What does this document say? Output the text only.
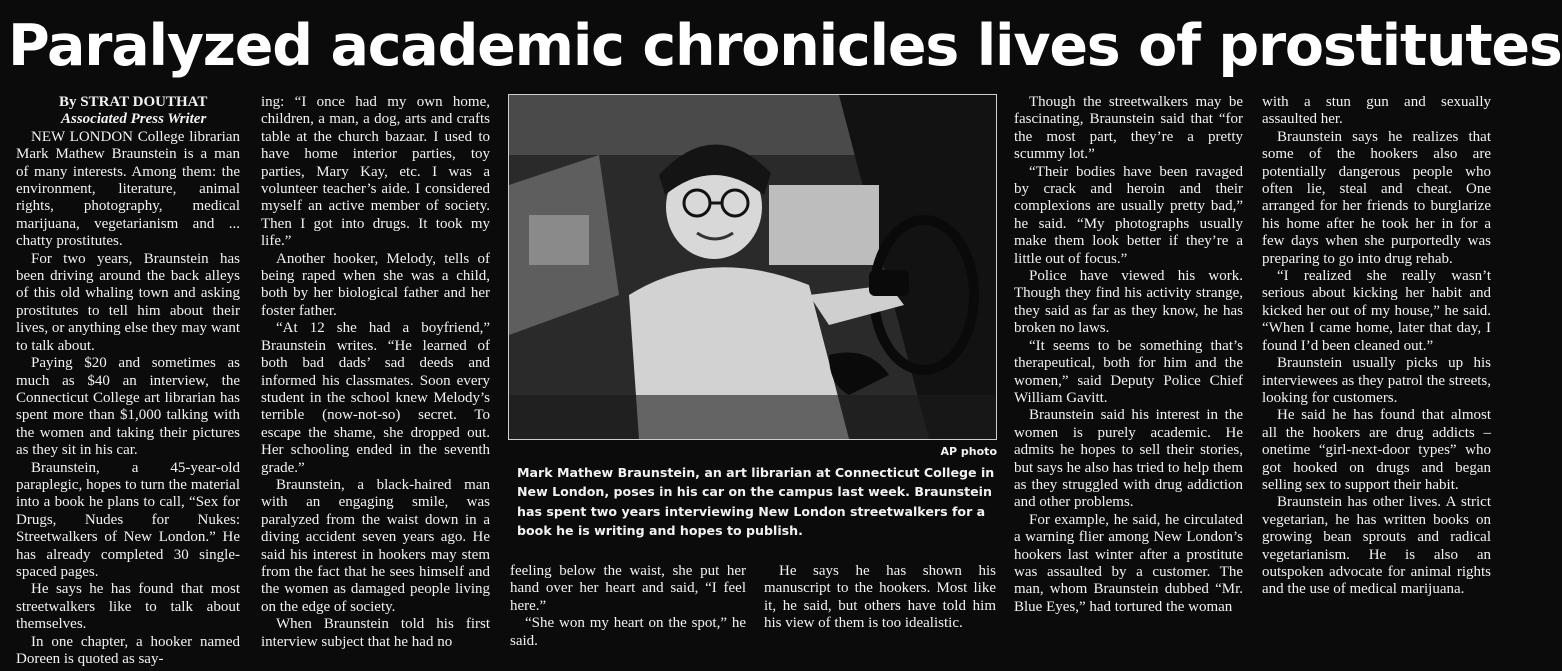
Paralyzed academic chronicles lives of prostitutes

By STRAT DOUTHAT

Associated Press Writer

NEW LONDON College librarian Mark Mathew Braunstein is a man of many interests. Among them: the environment, literature, animal rights, photography, medical marijuana, vegetarianism and ... chatty prostitutes.

For two years, Braunstein has been driving around the back alleys of this old whaling town and asking prostitutes to tell him about their lives, or anything else they may want to talk about.

Paying $20 and sometimes as much as $40 an interview, the Connecticut College art librarian has spent more than $1,000 talking with the women and taking their pictures as they sit in his car.

Braunstein, a 45-year-old paraplegic, hopes to turn the material into a book he plans to call, “Sex for Drugs, Nudes for Nukes: Streetwalkers of New London.” He has already completed 30 single-spaced pages.

He says he has found that most streetwalkers like to talk about themselves.

In one chapter, a hooker named Doreen is quoted as say-

ing: “I once had my own home, children, a man, a dog, arts and crafts table at the church bazaar. I used to have home interior parties, toy parties, Mary Kay, etc. I was a volunteer teacher’s aide. I considered myself an active member of society. Then I got into drugs. It took my life.”

Another hooker, Melody, tells of being raped when she was a child, both by her biological father and her foster father.

“At 12 she had a boyfriend,” Braunstein writes. “He learned of both bad dads’ sad deeds and informed his classmates. Soon every student in the school knew Melody’s terrible (now-not-so) secret. To escape the shame, she dropped out. Her schooling ended in the seventh grade.”

Braunstein, a black-haired man with an engaging smile, was paralyzed from the waist down in a diving accident seven years ago. He said his interest in hookers may stem from the fact that he sees himself and the women as damaged people living on the edge of society.

When Braunstein told his first interview subject that he had no

AP photo

Mark Mathew Braunstein, an art librarian at Connecticut College in New London, poses in his car on the campus last week. Braunstein has spent two years interviewing New London streetwalkers for a book he is writing and hopes to publish.

feeling below the waist, she put her hand over her heart and said, “I feel here.”

“She won my heart on the spot,” he said.

He says he has shown his manuscript to the hookers. Most like it, he said, but others have told him his view of them is too idealistic.

Though the streetwalkers may be fascinating, Braunstein said that “for the most part, they’re a pretty scummy lot.”

“Their bodies have been ravaged by crack and heroin and their complexions are usually pretty bad,” he said. “My photographs usually make them look better if they’re a little out of focus.”

Police have viewed his work. Though they find his activity strange, they said as far as they know, he has broken no laws.

“It seems to be something that’s therapeutical, both for him and the women,” said Deputy Police Chief William Gavitt.

Braunstein said his interest in the women is purely academic. He admits he hopes to sell their stories, but says he also has tried to help them as they struggled with drug addiction and other problems.

For example, he said, he circulated a warning flier among New London’s hookers last winter after a prostitute was assaulted by a customer. The man, whom Braunstein dubbed “Mr. Blue Eyes,” had tortured the woman

with a stun gun and sexually assaulted her.

Braunstein says he realizes that some of the hookers also are potentially dangerous people who often lie, steal and cheat. One arranged for her friends to burglarize his home after he took her in for a few days when she purportedly was preparing to go into drug rehab.

“I realized she really wasn’t serious about kicking her habit and kicked her out of my house,” he said. “When I came home, later that day, I found I’d been cleaned out.”

Braunstein usually picks up his interviewees as they patrol the streets, looking for customers.

He said he has found that almost all the hookers are drug addicts – onetime “girl-next-door types” who got hooked on drugs and began selling sex to support their habit.

Braunstein has other lives. A strict vegetarian, he has written books on growing bean sprouts and radical vegetarianism. He is also an outspoken advocate for animal rights and the use of medical marijuana.
